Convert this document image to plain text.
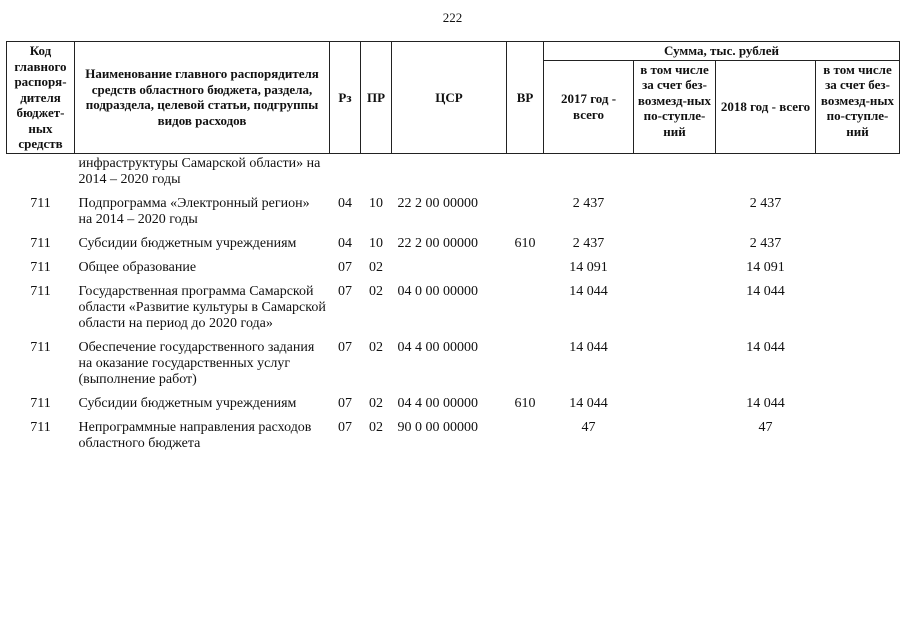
222
Код главного распоря-дителя бюджет-ных средств	Наименование главного распорядителя средств областного бюджета, раздела, подраздела, целевой статьи, подгруппы видов расходов	Рз	ПР	ЦСР	ВР	Сумма, тыс. рублей			
						2017 год - всего	в том числе за счет без-возмезд-ных по-ступле-ний	2018 год - всего	в том числе за счет без-возмезд-ных по-ступле-ний
	инфраструктуры Самарской области» на 2014 – 2020 годы								
711	Подпрограмма «Электронный регион» на 2014 – 2020 годы	04	10	22 2 00 00000		2 437		2 437	
711	Субсидии бюджетным учреждениям	04	10	22 2 00 00000	610	2 437		2 437	
711	Общее образование	07	02			14 091		14 091	
711	Государственная программа Самарской области «Развитие культуры в Самарской области на период до 2020 года»	07	02	04 0 00 00000		14 044		14 044	
711	Обеспечение государственного задания на оказание государственных услуг (выполнение работ)	07	02	04 4 00 00000		14 044		14 044	
711	Субсидии бюджетным учреждениям	07	02	04 4 00 00000	610	14 044		14 044	
711	Непрограммные направления расходов областного бюджета	07	02	90 0 00 00000		47		47	
